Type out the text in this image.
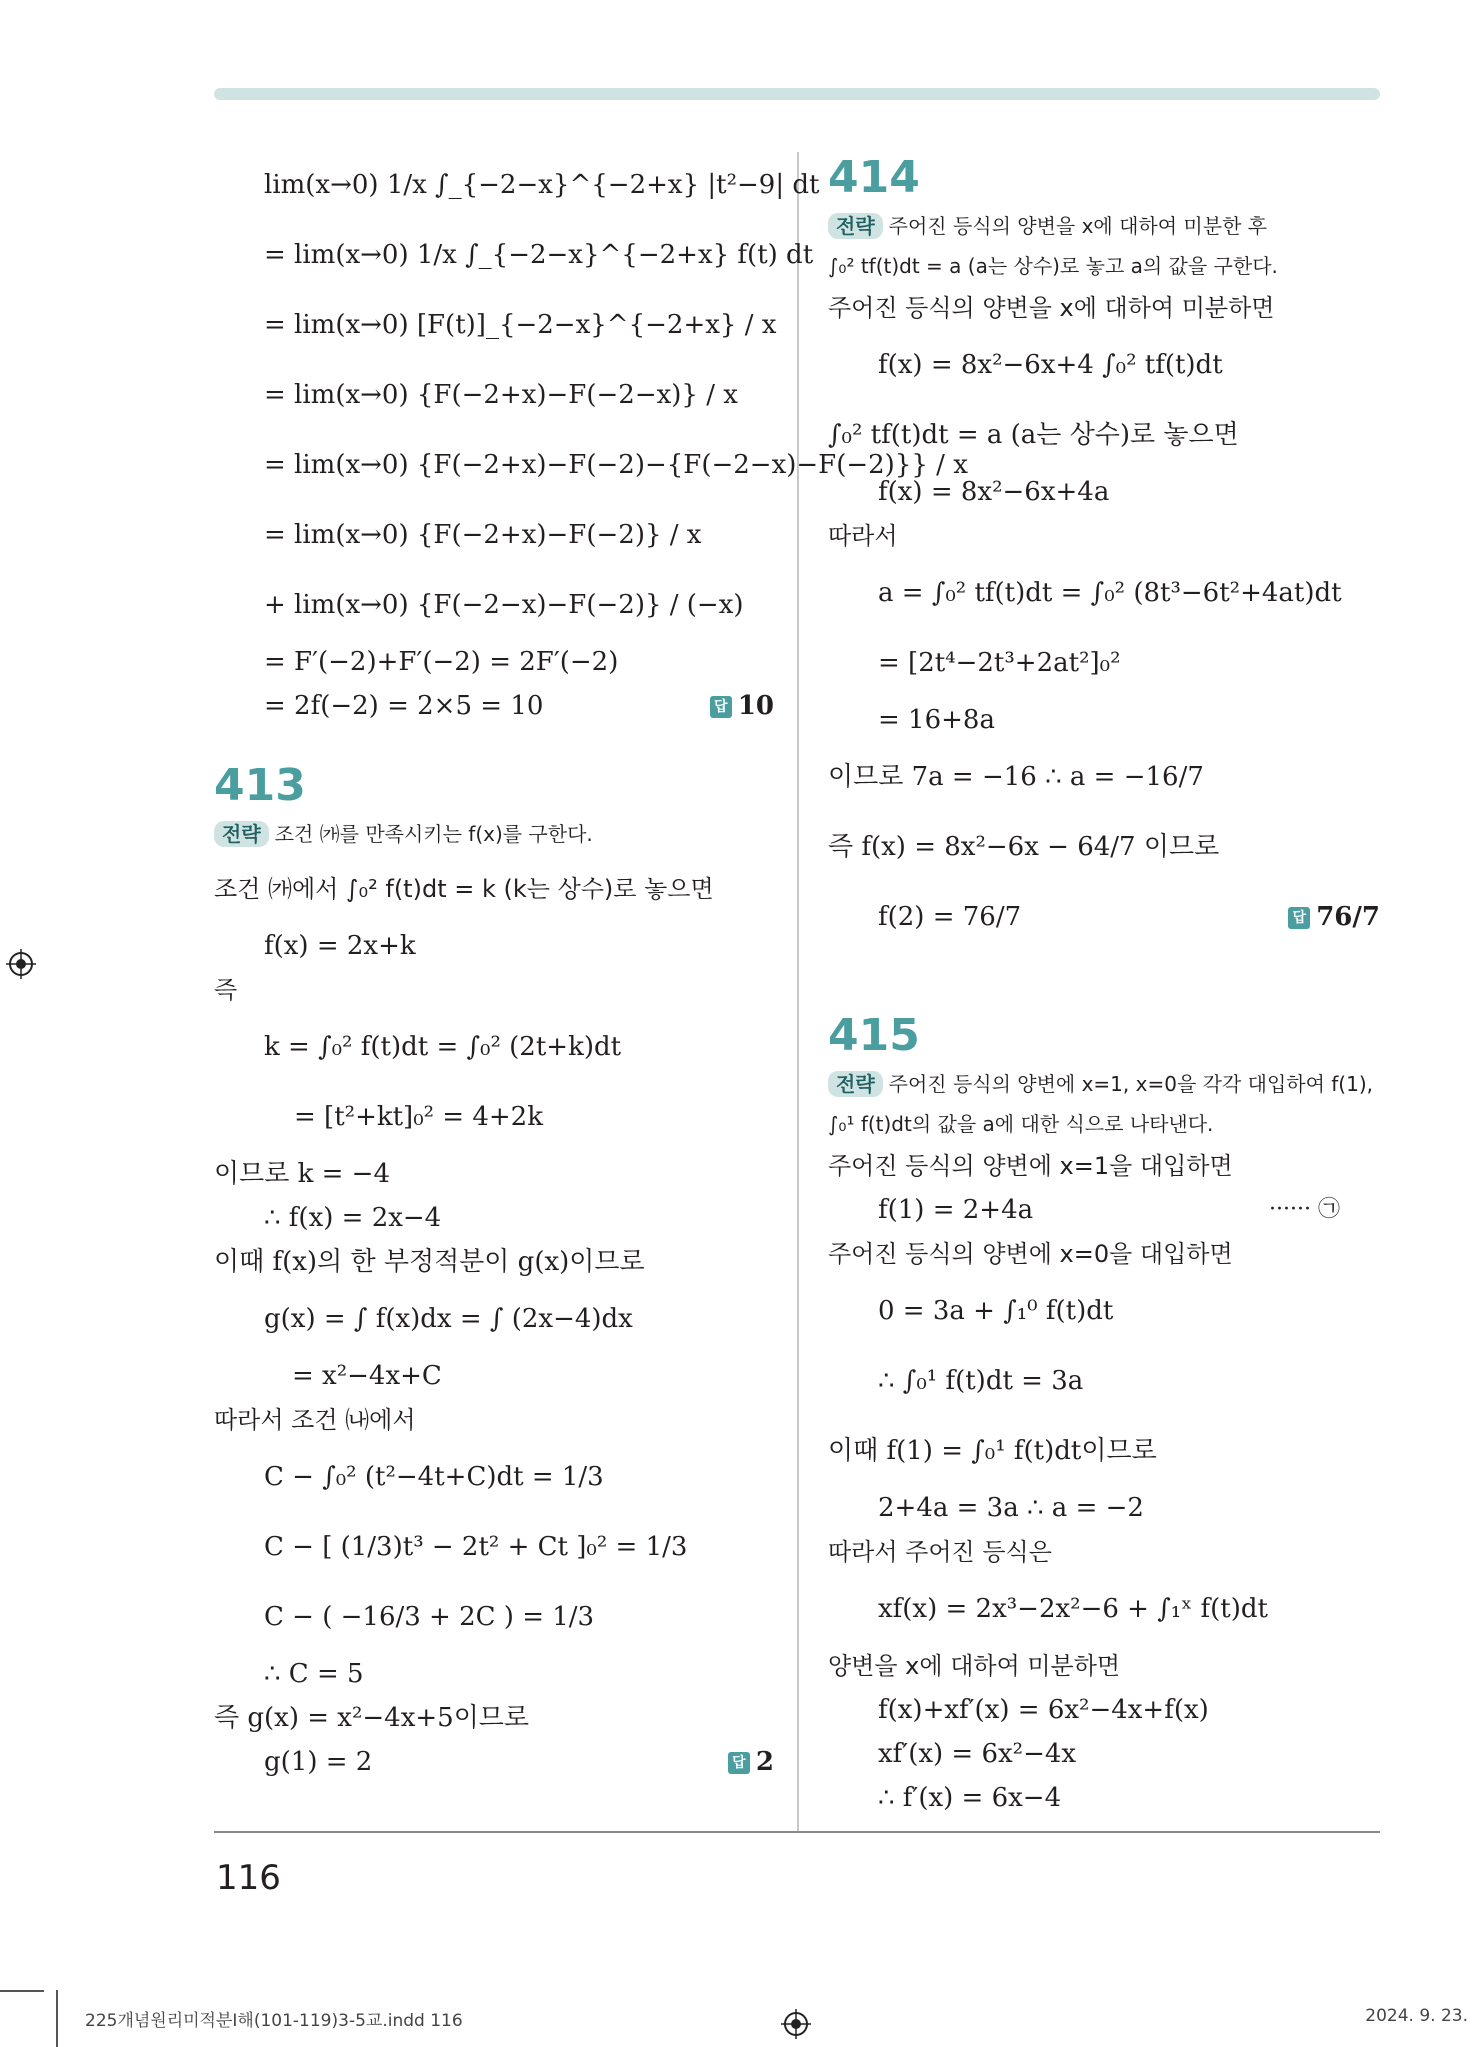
lim(x→0) 1/x ∫_{−2−x}^{−2+x} |t²−9| dt
= lim(x→0) 1/x ∫_{−2−x}^{−2+x} f(t) dt
= lim(x→0) [F(t)]_{−2−x}^{−2+x} / x
= lim(x→0) {F(−2+x)−F(−2−x)} / x
= lim(x→0) {F(−2+x)−F(−2)−{F(−2−x)−F(−2)}} / x
= lim(x→0) {F(−2+x)−F(−2)} / x
+ lim(x→0) {F(−2−x)−F(−2)} / (−x)
= F′(−2)+F′(−2) = 2F′(−2)
= 2f(−2) = 2×5 = 10	답 10
413
전략 조건 ㈎를 만족시키는 f(x)를 구한다.
조건 ㈎에서 ∫₀² f(t)dt = k (k는 상수)로 놓으면
f(x) = 2x+k
즉
k = ∫₀² f(t)dt = ∫₀² (2t+k)dt
= [t²+kt]₀² = 4+2k
이므로 k = −4
∴ f(x) = 2x−4
이때 f(x)의 한 부정적분이 g(x)이므로
g(x) = ∫ f(x)dx = ∫ (2x−4)dx
= x²−4x+C
따라서 조건 ㈏에서
C − ∫₀² (t²−4t+C)dt = 1/3
C − [ (1/3)t³ − 2t² + Ct ]₀² = 1/3
C − ( −16/3 + 2C ) = 1/3
∴ C = 5
즉 g(x) = x²−4x+5이므로
g(1) = 2	답 2
414
전략 주어진 등식의 양변을 x에 대하여 미분한 후
∫₀² tf(t)dt = a (a는 상수)로 놓고 a의 값을 구한다.
주어진 등식의 양변을 x에 대하여 미분하면
f(x) = 8x²−6x+4 ∫₀² tf(t)dt
∫₀² tf(t)dt = a (a는 상수)로 놓으면
f(x) = 8x²−6x+4a
따라서
a = ∫₀² tf(t)dt = ∫₀² (8t³−6t²+4at)dt
= [2t⁴−2t³+2at²]₀²
= 16+8a
이므로 7a = −16 ∴ a = −16/7
즉 f(x) = 8x²−6x − 64/7 이므로
f(2) = 76/7	답 76/7
415
전략 주어진 등식의 양변에 x=1, x=0을 각각 대입하여 f(1),
∫₀¹ f(t)dt의 값을 a에 대한 식으로 나타낸다.
주어진 등식의 양변에 x=1을 대입하면
f(1) = 2+4a	······ ㉠
주어진 등식의 양변에 x=0을 대입하면
0 = 3a + ∫₁⁰ f(t)dt
∴ ∫₀¹ f(t)dt = 3a
이때 f(1) = ∫₀¹ f(t)dt이므로
2+4a = 3a ∴ a = −2
따라서 주어진 등식은
xf(x) = 2x³−2x²−6 + ∫₁ˣ f(t)dt
양변을 x에 대하여 미분하면
f(x)+xf′(x) = 6x²−4x+f(x)
xf′(x) = 6x²−4x
∴ f′(x) = 6x−4
116
225개념원리미적분Ⅰ해(101-119)3-5교.indd 116	2024. 9. 23.
